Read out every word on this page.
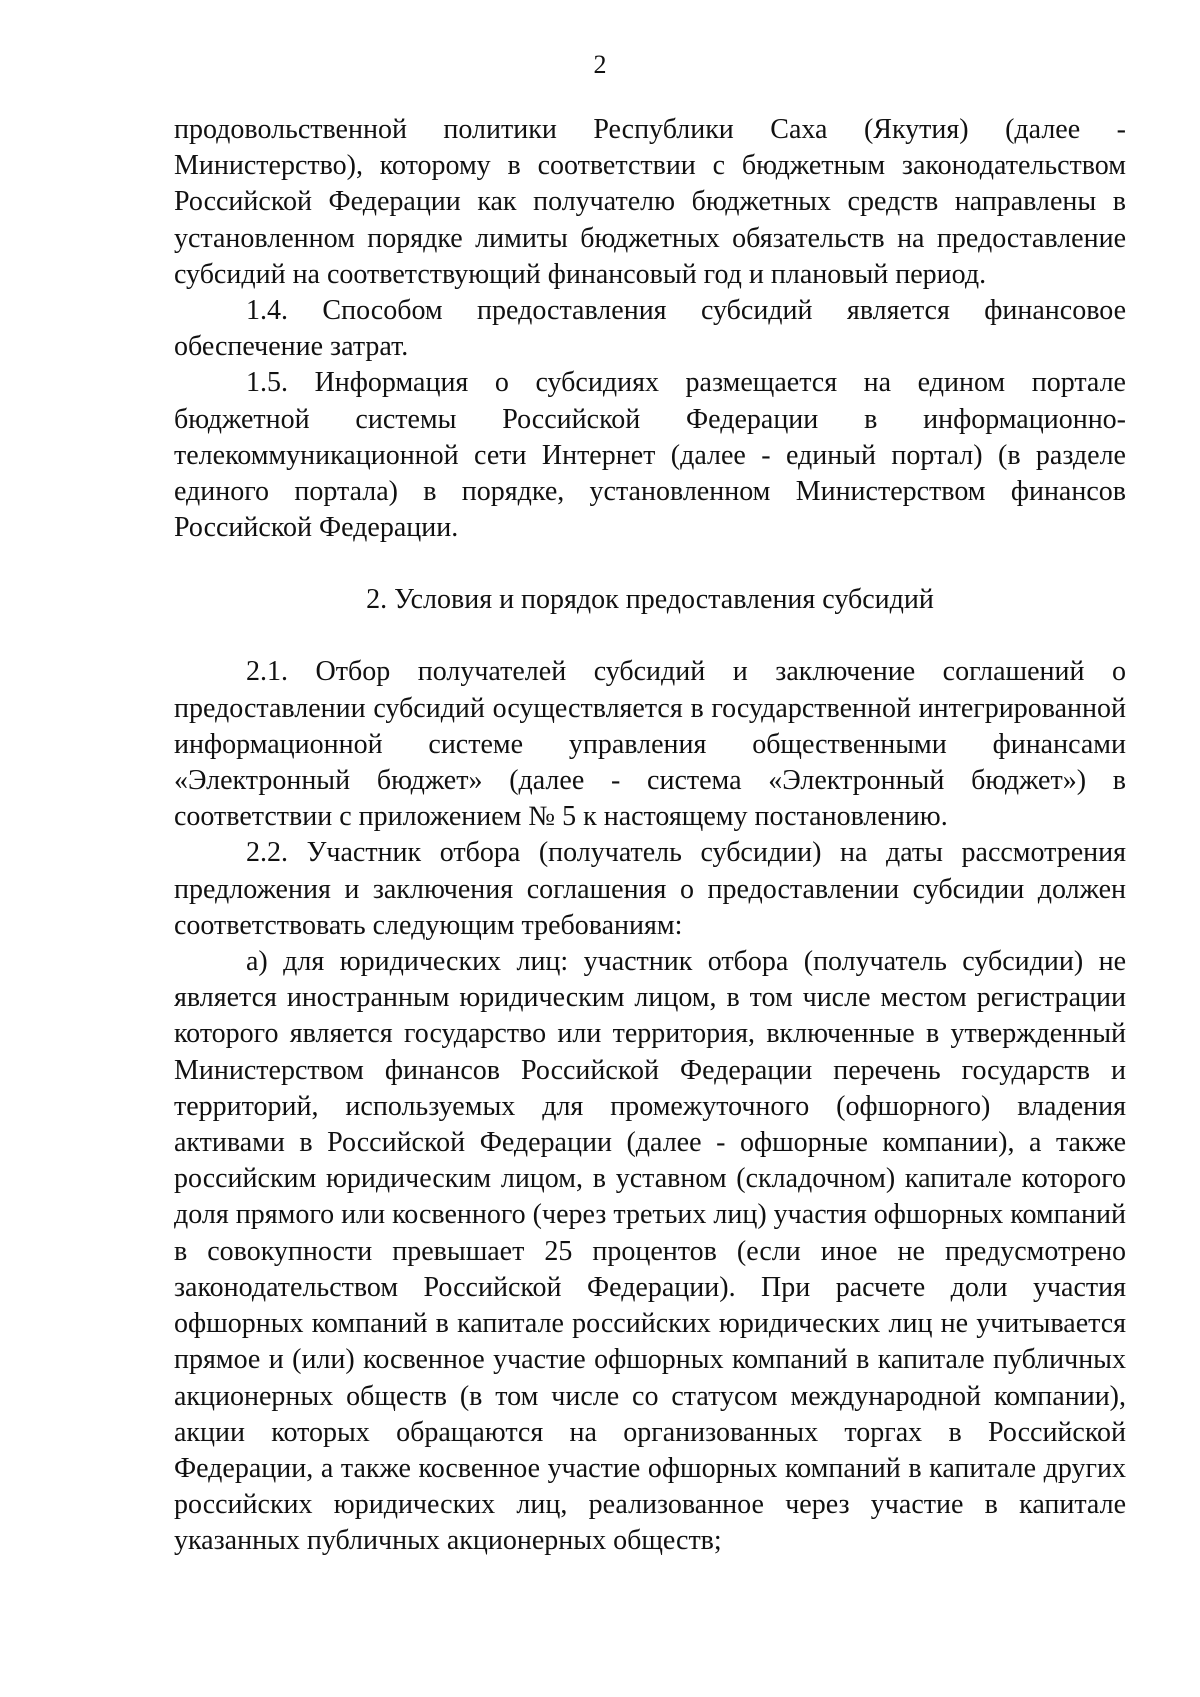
2

продовольственной политики Республики Саха (Якутия) (далее - Министерство), которому в соответствии с бюджетным законодательством Российской Федерации как получателю бюджетных средств направлены в установленном порядке лимиты бюджетных обязательств на предоставление субсидий на соответствующий финансовый год и плановый период.

1.4. Способом предоставления субсидий является финансовое обеспечение затрат.

1.5. Информация о субсидиях размещается на едином портале бюджетной системы Российской Федерации в информационно-телекоммуникационной сети Интернет (далее - единый портал) (в разделе единого портала) в порядке, установленном Министерством финансов Российской Федерации.

2. Условия и порядок предоставления субсидий

2.1. Отбор получателей субсидий и заключение соглашений о предоставлении субсидий осуществляется в государственной интегрированной информационной системе управления общественными финансами «Электронный бюджет» (далее - система «Электронный бюджет») в соответствии с приложением № 5 к настоящему постановлению.

2.2. Участник отбора (получатель субсидии) на даты рассмотрения предложения и заключения соглашения о предоставлении субсидии должен соответствовать следующим требованиям:

а) для юридических лиц: участник отбора (получатель субсидии) не является иностранным юридическим лицом, в том числе местом регистрации которого является государство или территория, включенные в утвержденный Министерством финансов Российской Федерации перечень государств и территорий, используемых для промежуточного (офшорного) владения активами в Российской Федерации (далее - офшорные компании), а также российским юридическим лицом, в уставном (складочном) капитале которого доля прямого или косвенного (через третьих лиц) участия офшорных компаний в совокупности превышает 25 процентов (если иное не предусмотрено законодательством Российской Федерации). При расчете доли участия офшорных компаний в капитале российских юридических лиц не учитывается прямое и (или) косвенное участие офшорных компаний в капитале публичных акционерных обществ (в том числе со статусом международной компании), акции которых обращаются на организованных торгах в Российской Федерации, а также косвенное участие офшорных компаний в капитале других российских юридических лиц, реализованное через участие в капитале указанных публичных акционерных обществ;
